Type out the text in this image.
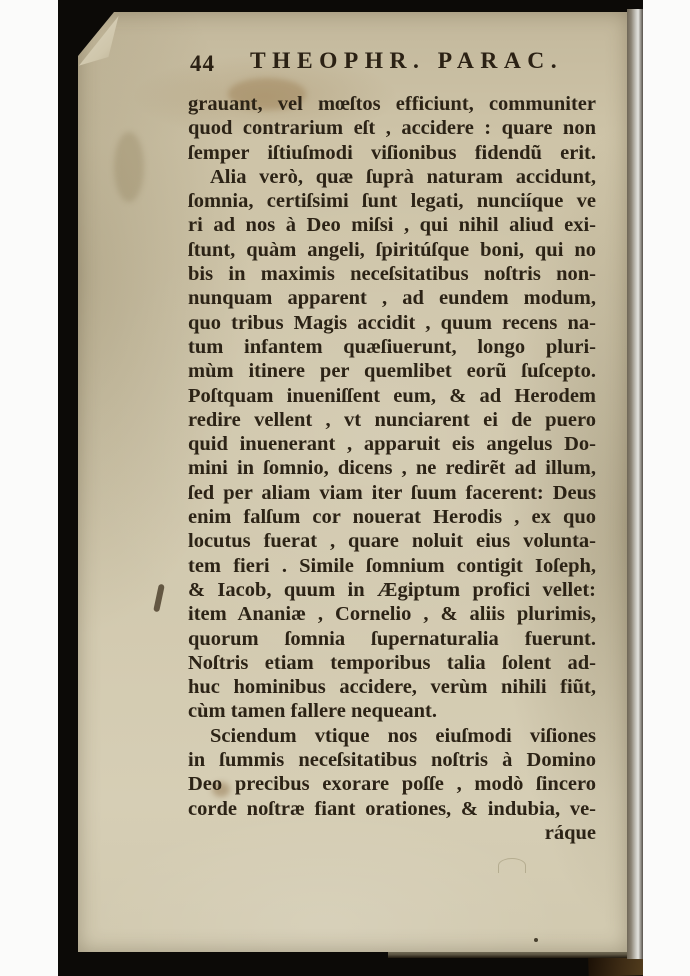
44 THEOPHR. PARAC.
grauant, vel mœſtos efficiunt, communiter
quod contrarium eſt , accidere : quare non
ſemper iſtiuſmodi viſionibus fidendũ erit.
Alia verò, quæ ſuprà naturam accidunt,
ſomnia, certiſsimi ſunt legati, nunciíque ve
ri ad nos à Deo miſsi , qui nihil aliud exi-
ſtunt, quàm angeli, ſpiritúſque boni, qui no
bis in maximis neceſsitatibus noſtris non-
nunquam apparent , ad eundem modum,
quo tribus Magis accidit , quum recens na-
tum infantem quæſiuerunt, longo pluri-
mùm itinere per quemlibet eorũ ſuſcepto.
Poſtquam inueniſſent eum, & ad Herodem
redire vellent , vt nunciarent ei de puero
quid inuenerant , apparuit eis angelus Do-
mini in ſomnio, dicens , ne redirẽt ad illum,
ſed per aliam viam iter ſuum facerent: Deus
enim falſum cor nouerat Herodis , ex quo
locutus fuerat , quare noluit eius volunta-
tem fieri . Simile ſomnium contigit Ioſeph,
& Iacob, quum in Ægiptum profici vellet:
item Ananiæ , Cornelio , & aliis plurimis,
quorum ſomnia ſupernaturalia fuerunt.
Noſtris etiam temporibus talia ſolent ad-
huc hominibus accidere, verùm nihili fiũt,
cùm tamen fallere nequeant.
Sciendum vtique nos eiuſmodi viſiones
in ſummis neceſsitatibus noſtris à Domino
Deo precibus exorare poſſe , modò ſincero
corde noſtræ fiant orationes, & indubia, ve-
ráque
